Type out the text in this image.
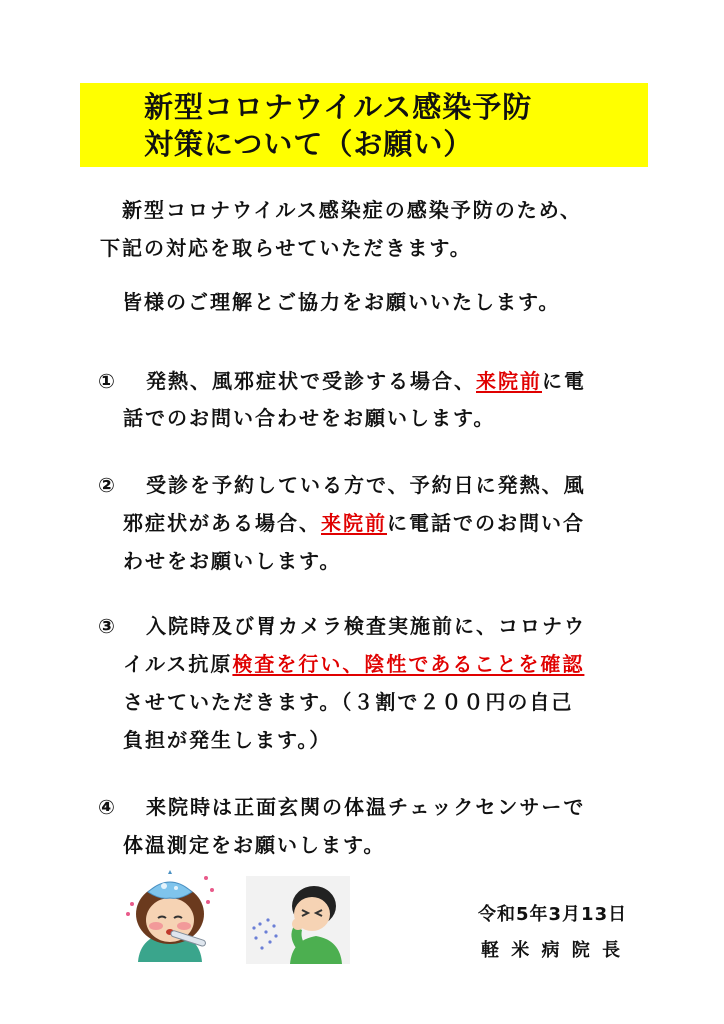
新型コロナウイルス感染予防
対策について（お願い）
新型コロナウイルス感染症の感染予防のため、
下記の対応を取らせていただきます。
皆様のご理解とご協力をお願いいたします。
① 発熱、風邪症状で受診する場合、来院前に電
話でのお問い合わせをお願いします。
② 受診を予約している方で、予約日に発熱、風
邪症状がある場合、来院前に電話でのお問い合
わせをお願いします。
③ 入院時及び胃カメラ検査実施前に、コロナウ
イルス抗原検査を行い、陰性であることを確認
させていただきます。（３割で２００円の自己
負担が発生します。）
④ 来院時は正面玄関の体温チェックセンサーで
体温測定をお願いします。
令和5年3月13日
軽 米 病 院 長
